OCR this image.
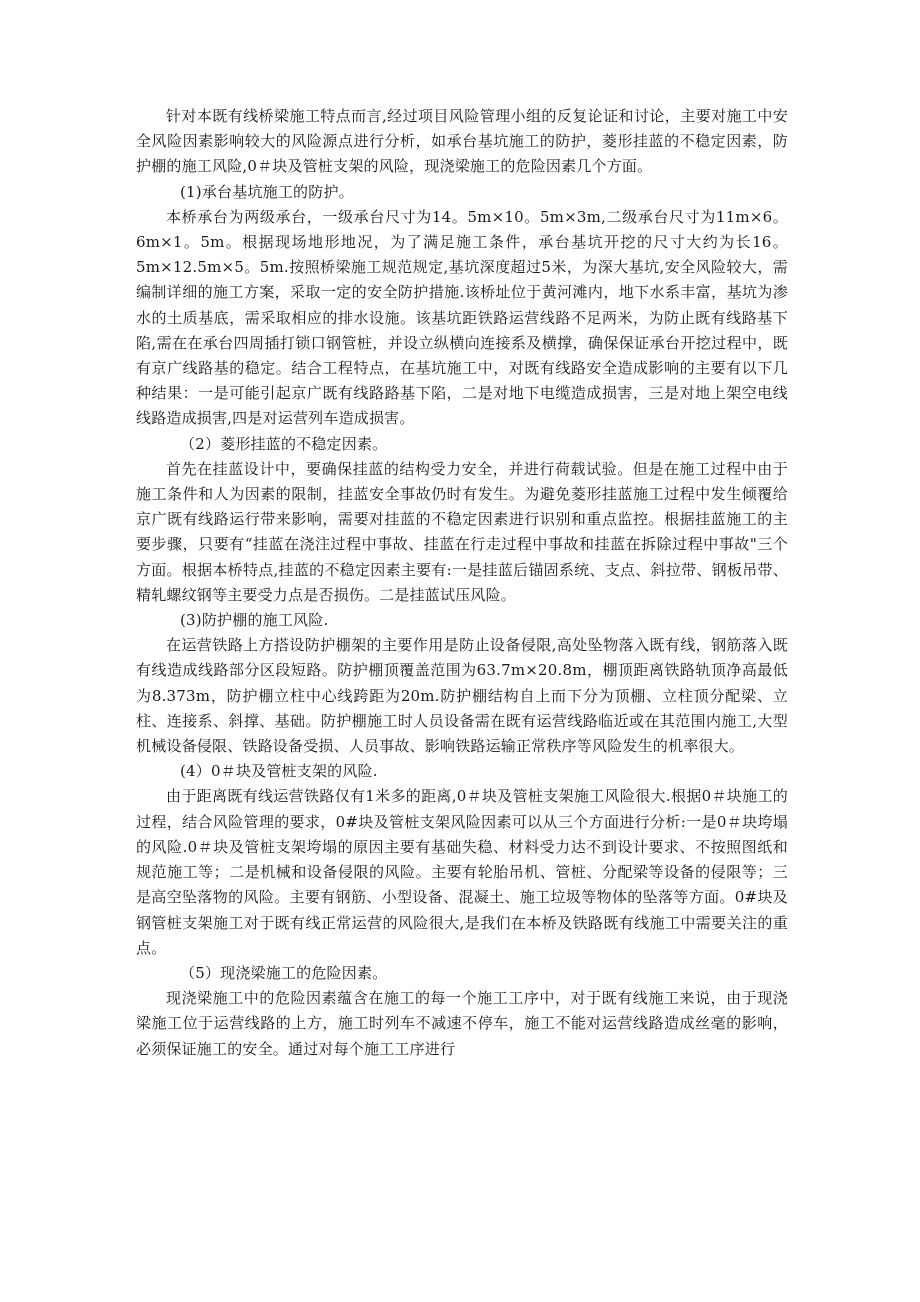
针对本既有线桥梁施工特点而言,经过项目风险管理小组的反复论证和讨论，主要对施工中安全风险因素影响较大的风险源点进行分析，如承台基坑施工的防护，菱形挂蓝的不稳定因素，防护棚的施工风险,0＃块及管桩支架的风险，现浇梁施工的危险因素几个方面。

(1)承台基坑施工的防护。

本桥承台为两级承台，一级承台尺寸为14。5m×10。5m×3m,二级承台尺寸为11m×6。6m×1。5m。根据现场地形地况，为了满足施工条件，承台基坑开挖的尺寸大约为长16。5m×12.5m×5。5m.按照桥梁施工规范规定,基坑深度超过5米，为深大基坑,安全风险较大，需编制详细的施工方案，采取一定的安全防护措施.该桥址位于黄河滩内，地下水系丰富，基坑为渗水的土质基底，需采取相应的排水设施。该基坑距铁路运营线路不足两米，为防止既有线路基下陷,需在在承台四周插打锁口钢管桩，并设立纵横向连接系及横撑，确保保证承台开挖过程中，既有京广线路基的稳定。结合工程特点，在基坑施工中，对既有线路安全造成影响的主要有以下几种结果：一是可能引起京广既有线路路基下陷，二是对地下电缆造成损害，三是对地上架空电线线路造成损害,四是对运营列车造成损害。

（2）菱形挂蓝的不稳定因素。

首先在挂蓝设计中，要确保挂蓝的结构受力安全，并进行荷载试验。但是在施工过程中由于施工条件和人为因素的限制，挂蓝安全事故仍时有发生。为避免菱形挂蓝施工过程中发生倾覆给京广既有线路运行带来影响，需要对挂蓝的不稳定因素进行识别和重点监控。根据挂蓝施工的主要步骤，只要有“挂蓝在浇注过程中事故、挂蓝在行走过程中事故和挂蓝在拆除过程中事故"三个方面。根据本桥特点,挂蓝的不稳定因素主要有:一是挂蓝后锚固系统、支点、斜拉带、钢板吊带、精轧螺纹钢等主要受力点是否损伤。二是挂蓝试压风险。

(3)防护棚的施工风险.

在运营铁路上方搭设防护棚架的主要作用是防止设备侵限,高处坠物落入既有线，钢筋落入既有线造成线路部分区段短路。防护棚顶覆盖范围为63.7m×20.8m，棚顶距离铁路轨顶净高最低为8.373m，防护棚立柱中心线跨距为20m.防护棚结构自上而下分为顶棚、立柱顶分配梁、立柱、连接系、斜撑、基础。防护棚施工时人员设备需在既有运营线路临近或在其范围内施工,大型机械设备侵限、铁路设备受损、人员事故、影响铁路运输正常秩序等风险发生的机率很大。

(4）0＃块及管桩支架的风险.

由于距离既有线运营铁路仅有1米多的距离,0＃块及管桩支架施工风险很大.根据0＃块施工的过程，结合风险管理的要求，0#块及管桩支架风险因素可以从三个方面进行分析:一是0＃块垮塌的风险.0＃块及管桩支架垮塌的原因主要有基础失稳、材料受力达不到设计要求、不按照图纸和规范施工等；二是机械和设备侵限的风险。主要有轮胎吊机、管桩、分配梁等设备的侵限等；三是高空坠落物的风险。主要有钢筋、小型设备、混凝土、施工垃圾等物体的坠落等方面。0#块及钢管桩支架施工对于既有线正常运营的风险很大,是我们在本桥及铁路既有线施工中需要关注的重点。

（5）现浇梁施工的危险因素。

现浇梁施工中的危险因素蕴含在施工的每一个施工工序中，对于既有线施工来说，由于现浇梁施工位于运营线路的上方，施工时列车不减速不停车，施工不能对运营线路造成丝毫的影响，必须保证施工的安全。通过对每个施工工序进行
